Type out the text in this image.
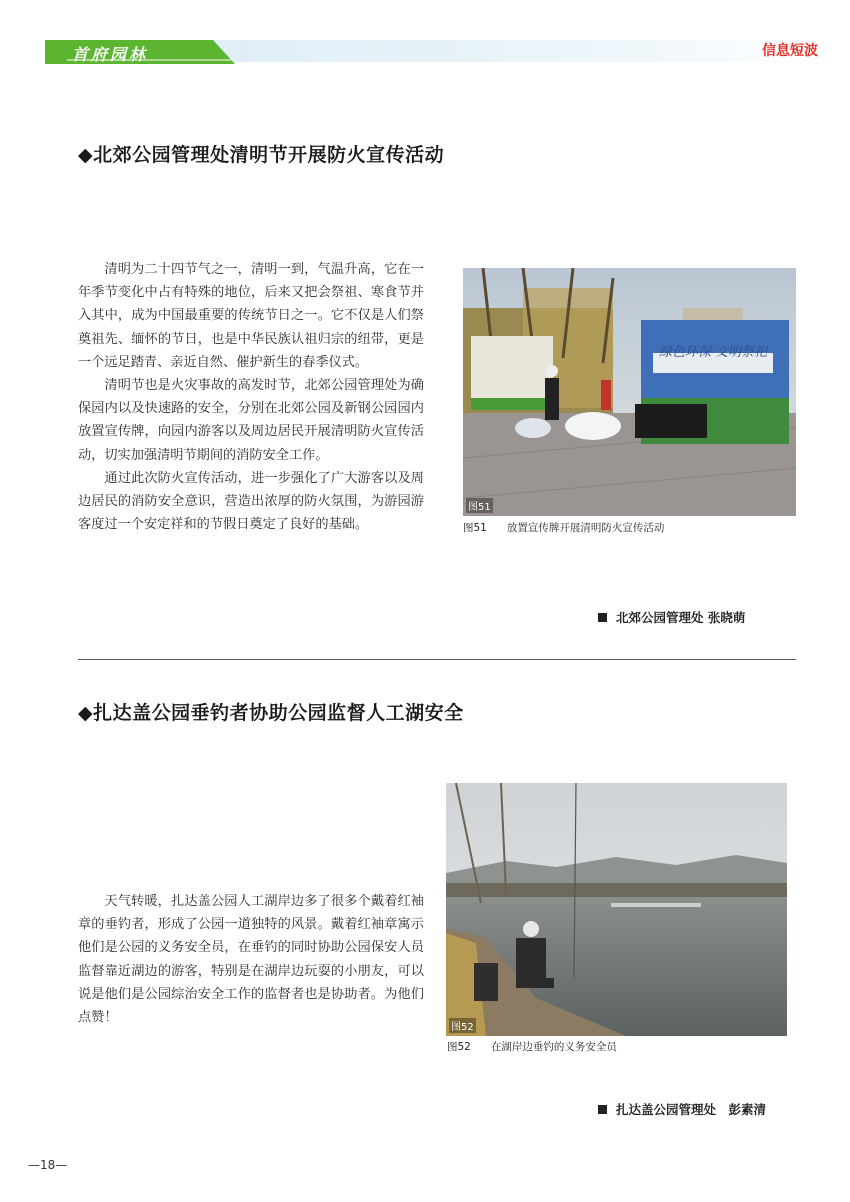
首府园林	信息短波
◆北郊公园管理处清明节开展防火宣传活动

清明为二十四节气之一，清明一到，气温升高，它在一年季节变化中占有特殊的地位，后来又把会祭祖、寒食节并入其中，成为中国最重要的传统节日之一。它不仅是人们祭奠祖先、缅怀的节日，也是中华民族认祖归宗的纽带，更是一个远足踏青、亲近自然、催护新生的春季仪式。

清明节也是火灾事故的高发时节，北郊公园管理处为确保园内以及快速路的安全，分别在北郊公园及新钢公园园内放置宣传牌，向园内游客以及周边居民开展清明防火宣传活动，切实加强清明节期间的消防安全工作。

通过此次防火宣传活动，进一步强化了广大游客以及周边居民的消防安全意识，营造出浓厚的防火氛围，为游园游客度过一个安定祥和的节假日奠定了良好的基础。

绿色环保 文明祭祀
图51
图51 放置宣传牌开展清明防火宣传活动
北郊公园管理处 张晓萌
◆扎达盖公园垂钓者协助公园监督人工湖安全

天气转暖，扎达盖公园人工湖岸边多了很多个戴着红袖章的垂钓者，形成了公园一道独特的风景。戴着红袖章寓示他们是公园的义务安全员，在垂钓的同时协助公园保安人员监督靠近湖边的游客，特别是在湖岸边玩耍的小朋友，可以说是他们是公园综治安全工作的监督者也是协助者。为他们点赞！

图52
图52 在湖岸边垂钓的义务安全员
扎达盖公园管理处　彭素清
—18—
